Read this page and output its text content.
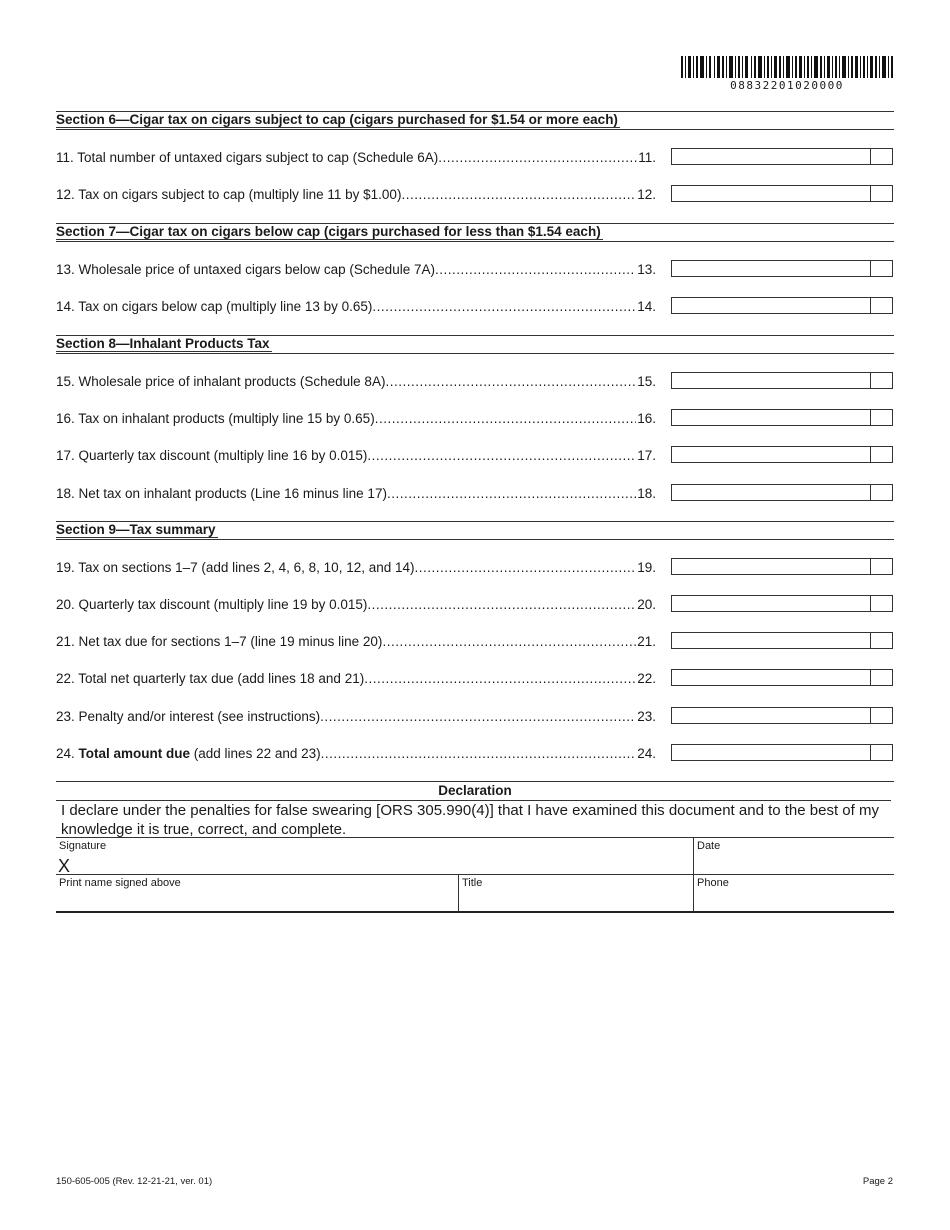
08832201020000
Section 6—Cigar tax on cigars subject to cap (cigars purchased for $1.54 or more each)
11. Total number of untaxed cigars subject to cap (Schedule 6A) .....	11.
12. Tax on cigars subject to cap (multiply line 11 by $1.00) .....	12.
Section 7—Cigar tax on cigars below cap (cigars purchased for less than $1.54 each)
13. Wholesale price of untaxed cigars below cap (Schedule 7A) .....	13.
14. Tax on cigars below cap (multiply line 13 by 0.65) .....	14.
Section 8—Inhalant Products Tax
15. Wholesale price of inhalant products (Schedule 8A) .....	15.
16. Tax on inhalant products (multiply line 15 by 0.65) .....	16.
17. Quarterly tax discount (multiply line 16 by 0.015) .....	17.
18. Net tax on inhalant products (Line 16 minus line 17) .....	18.
Section 9—Tax summary
19. Tax on sections 1–7 (add lines 2, 4, 6, 8, 10, 12, and 14) .....	19.
20. Quarterly tax discount (multiply line 19 by 0.015) .....	20.
21. Net tax due for sections 1–7 (line 19 minus line 20) .....	21.
22. Total net quarterly tax due (add lines 18 and 21) .....	22.
23. Penalty and/or interest (see instructions) .....	23.
24. Total amount due (add lines 22 and 23) .....	24.
Declaration
I declare under the penalties for false swearing [ORS 305.990(4)] that I have examined this document and to the best of my knowledge it is true, correct, and complete.
Signature
X
Date
Print name signed above	Title	Phone
150-605-005 (Rev. 12-21-21, ver. 01)	Page 2
